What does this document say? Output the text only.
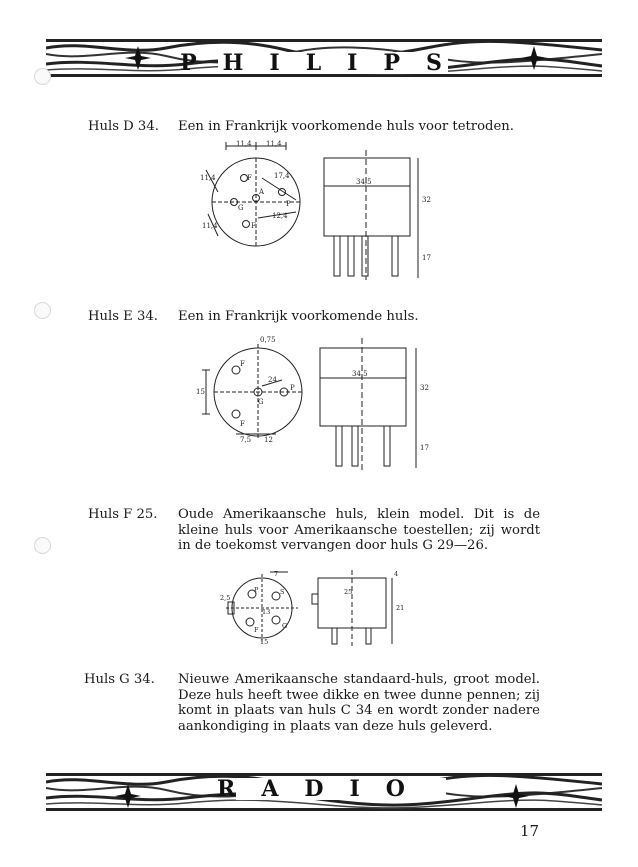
PHILIPS
Huls D 34.	Een in Frankrijk voorkomende huls voor tetroden.
11,4 11,4
11,4
11,4
17,4
12,4
34,5
32
17
F
A
G	P
F
Huls E 34.	Een in Frankrijk voorkomende huls.
0,75
15
24
34,5
32
17
7,5 12
F
G
P
F
Huls F 25.	Oude Amerikaansche huls, klein model. Dit is de kleine huls voor Amerikaansche toestellen; zij wordt in de toekomst vervangen door huls G 29—26.
7
2,5
25
4
21
13
15
P	S
F	G
Huls G 34.	Nieuwe Amerikaansche standaard-huls, groot model. Deze huls heeft twee dikke en twee dunne pennen; zij komt in plaats van huls C 34 en wordt zonder nadere aankondiging in plaats van deze huls geleverd.
RADIO
17
